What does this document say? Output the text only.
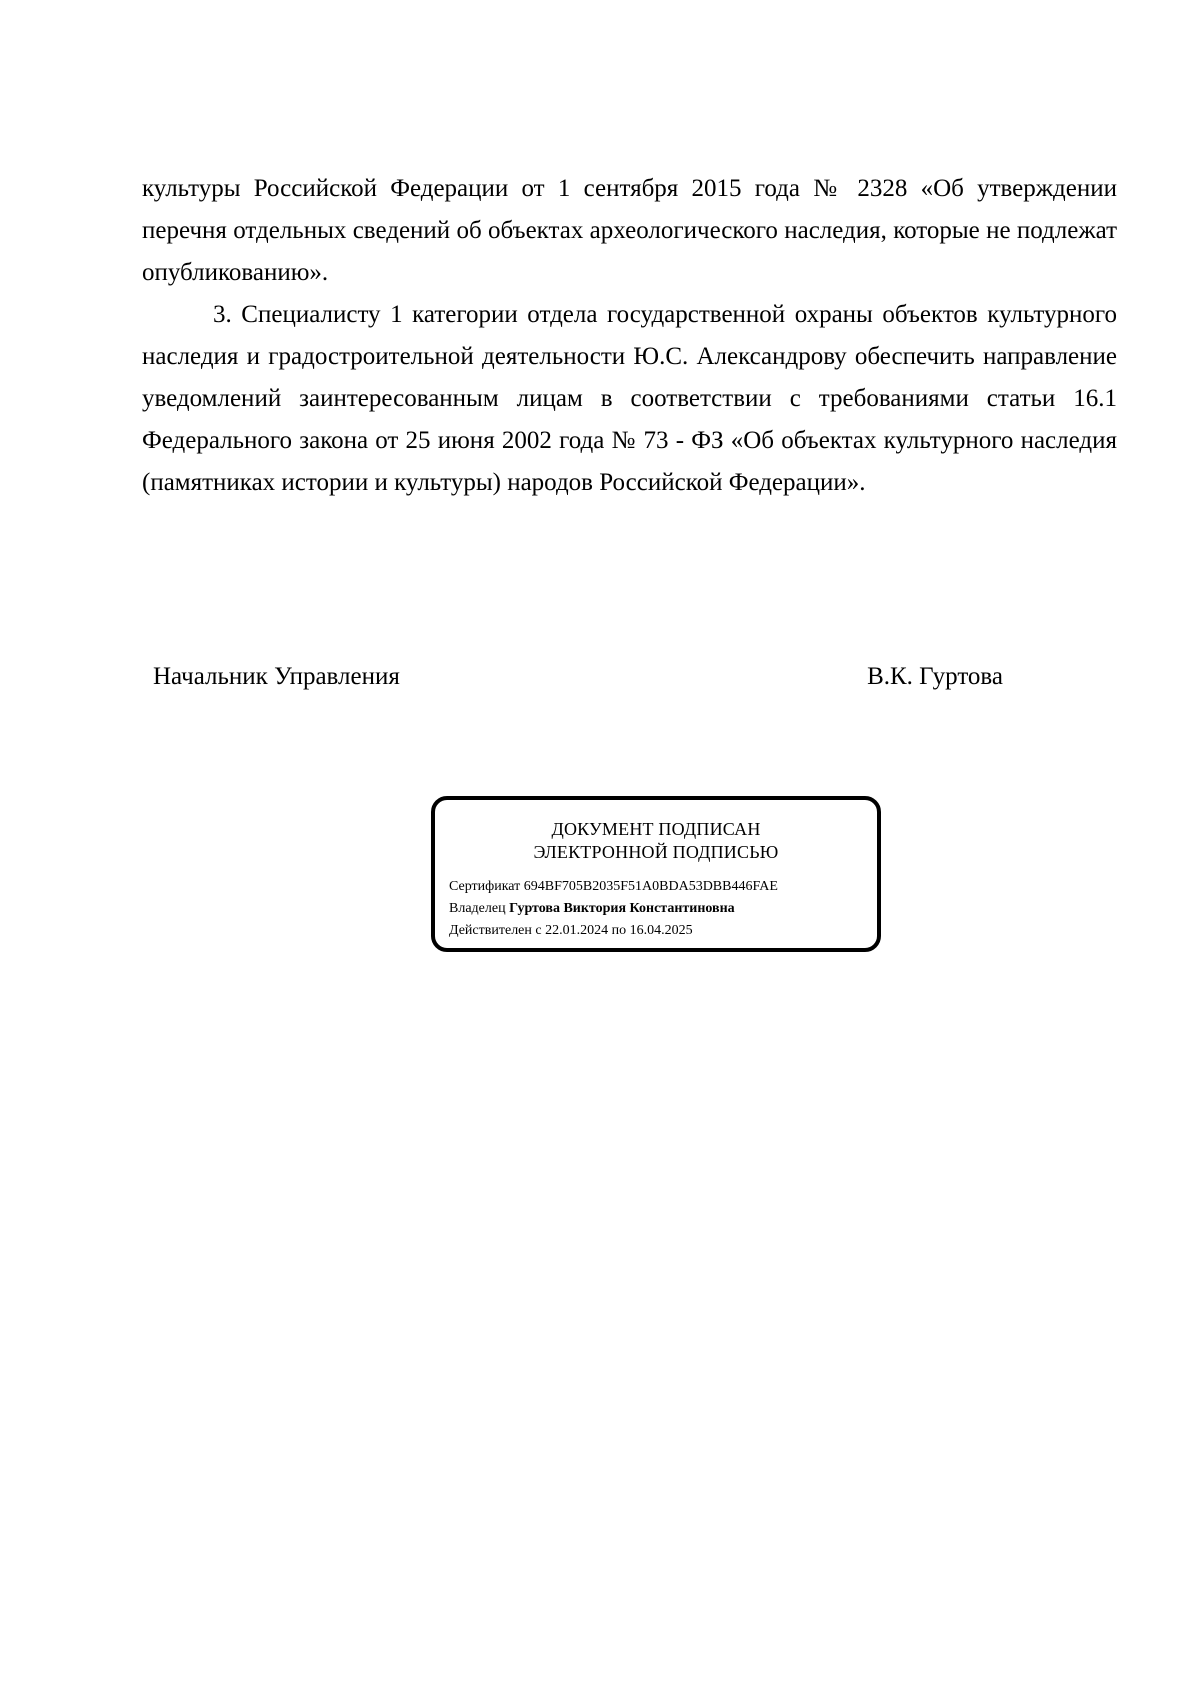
культуры Российской Федерации от 1 сентября 2015 года № 2328 «Об утверждении перечня отдельных сведений об объектах археологического наследия, которые не подлежат опубликованию».

3. Специалисту 1 категории отдела государственной охраны объектов культурного наследия и градостроительной деятельности Ю.С. Александрову обеспечить направление уведомлений заинтересованным лицам в соответствии с требованиями статьи 16.1 Федерального закона от 25 июня 2002 года № 73 - ФЗ «Об объектах культурного наследия (памятниках истории и культуры) народов Российской Федерации».

Начальник Управления	В.К. Гуртова
ДОКУМЕНТ ПОДПИСАН
ЭЛЕКТРОННОЙ ПОДПИСЬЮ
Сертификат 694BF705B2035F51A0BDA53DBB446FAE
Владелец Гуртова Виктория Константиновна
Действителен с 22.01.2024 по 16.04.2025
